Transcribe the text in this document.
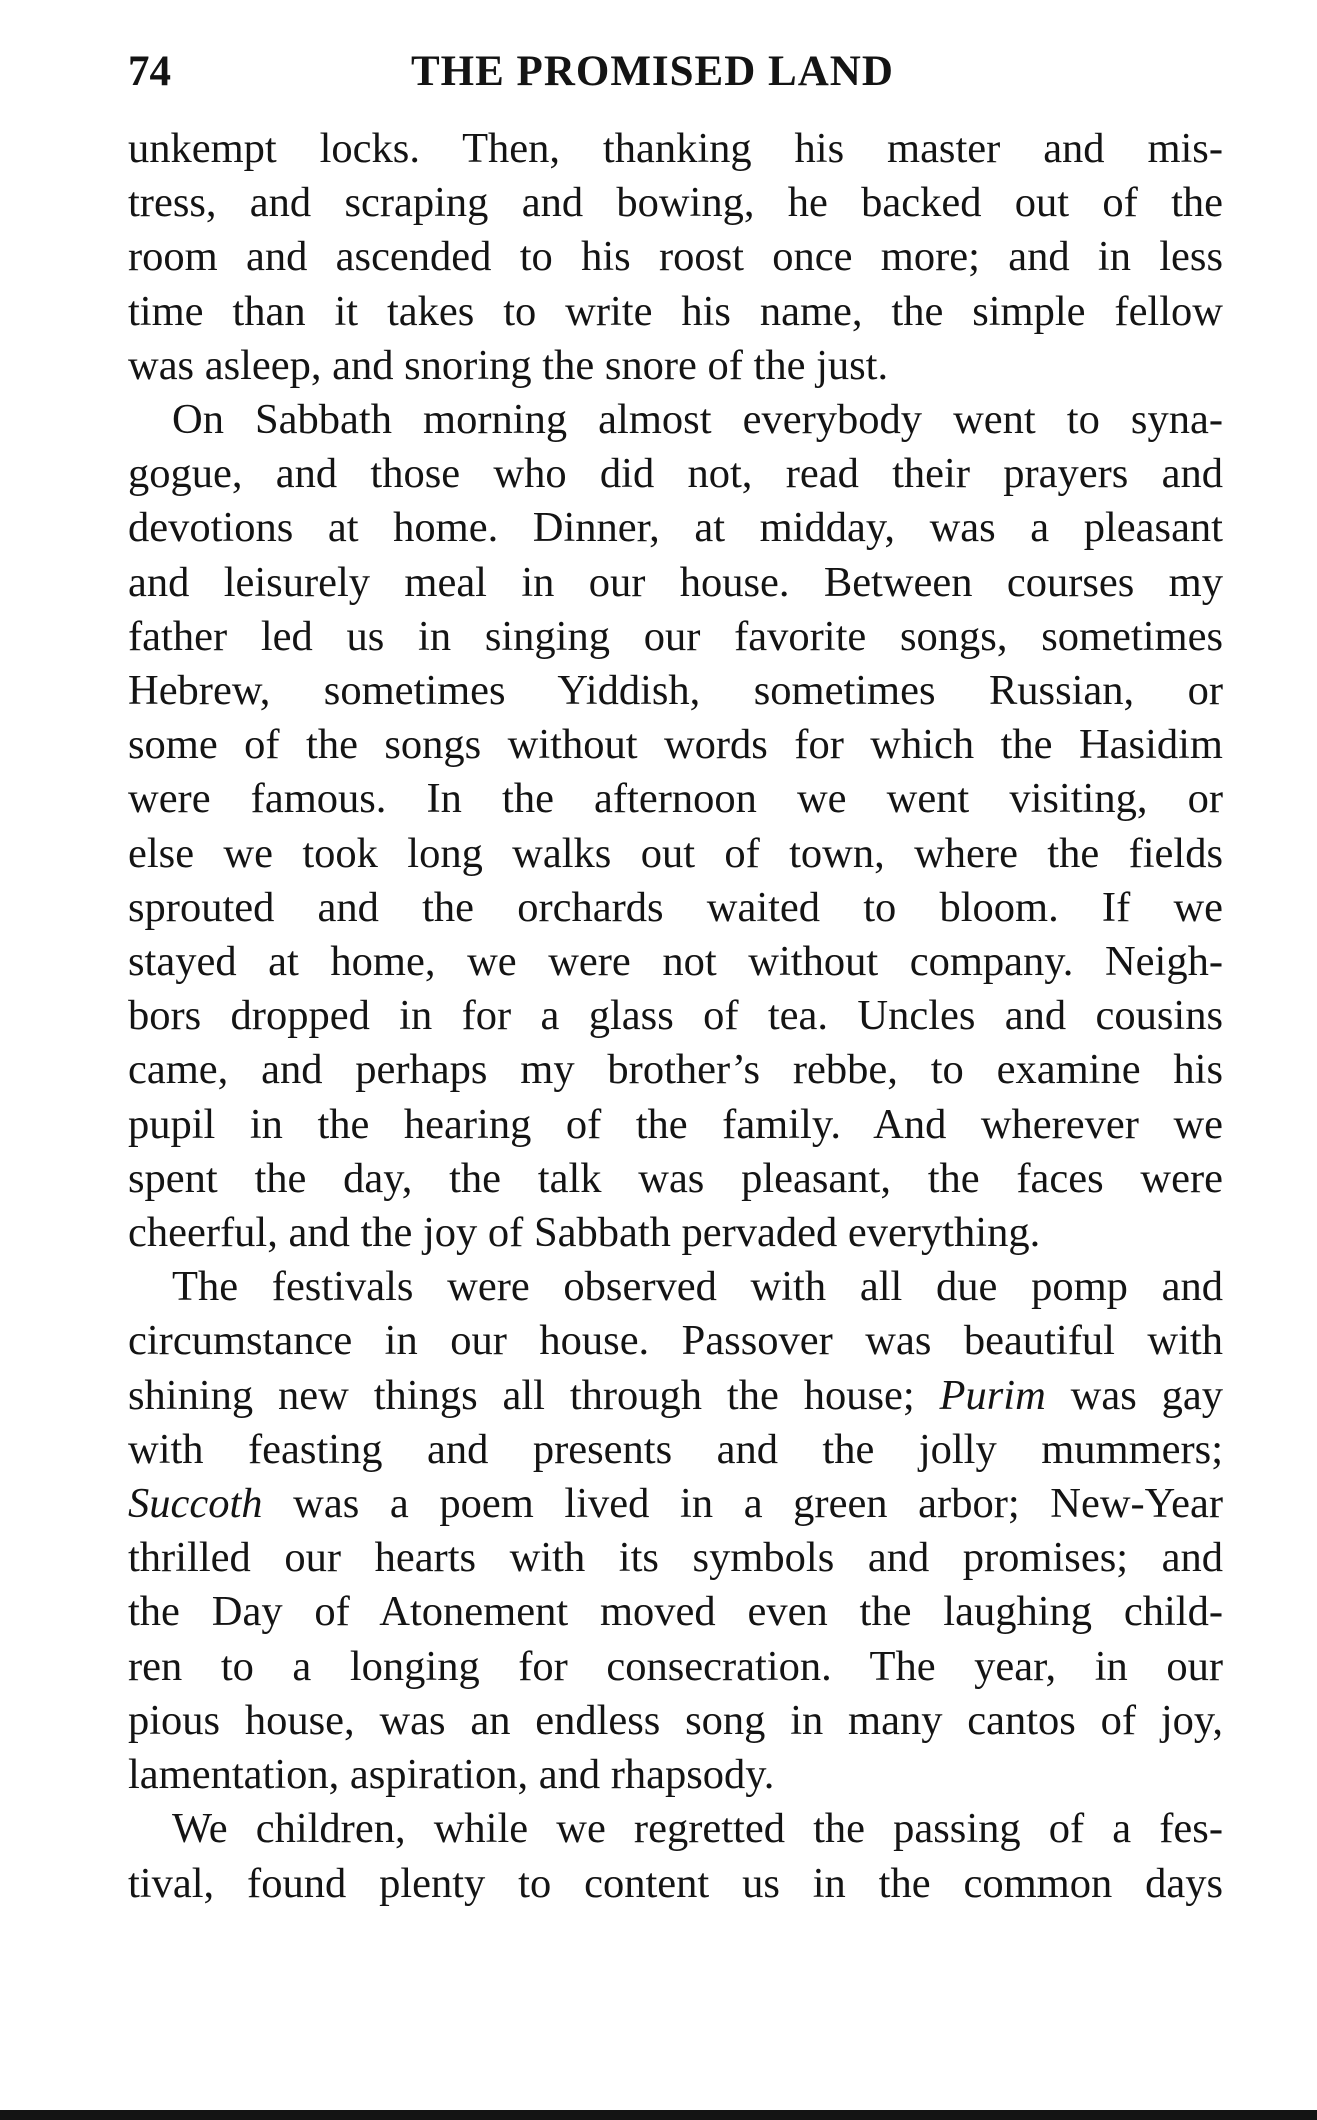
74	THE PROMISED LAND

unkempt locks. Then, thanking his master and mis-

tress, and scraping and bowing, he backed out of the

room and ascended to his roost once more; and in less

time than it takes to write his name, the simple fellow

was asleep, and snoring the snore of the just.

On Sabbath morning almost everybody went to syna-

gogue, and those who did not, read their prayers and

devotions at home. Dinner, at midday, was a pleasant

and leisurely meal in our house. Between courses my

father led us in singing our favorite songs, sometimes

Hebrew, sometimes Yiddish, sometimes Russian, or

some of the songs without words for which the Hasidim

were famous. In the afternoon we went visiting, or

else we took long walks out of town, where the fields

sprouted and the orchards waited to bloom. If we

stayed at home, we were not without company. Neigh-

bors dropped in for a glass of tea. Uncles and cousins

came, and perhaps my brother’s rebbe, to examine his

pupil in the hearing of the family. And wherever we

spent the day, the talk was pleasant, the faces were

cheerful, and the joy of Sabbath pervaded everything.

The festivals were observed with all due pomp and

circumstance in our house. Passover was beautiful with

shining new things all through the house; Purim was gay

with feasting and presents and the jolly mummers;

Succoth was a poem lived in a green arbor; New-Year

thrilled our hearts with its symbols and promises; and

the Day of Atonement moved even the laughing child-

ren to a longing for consecration. The year, in our

pious house, was an endless song in many cantos of joy,

lamentation, aspiration, and rhapsody.

We children, while we regretted the passing of a fes-

tival, found plenty to content us in the common days
